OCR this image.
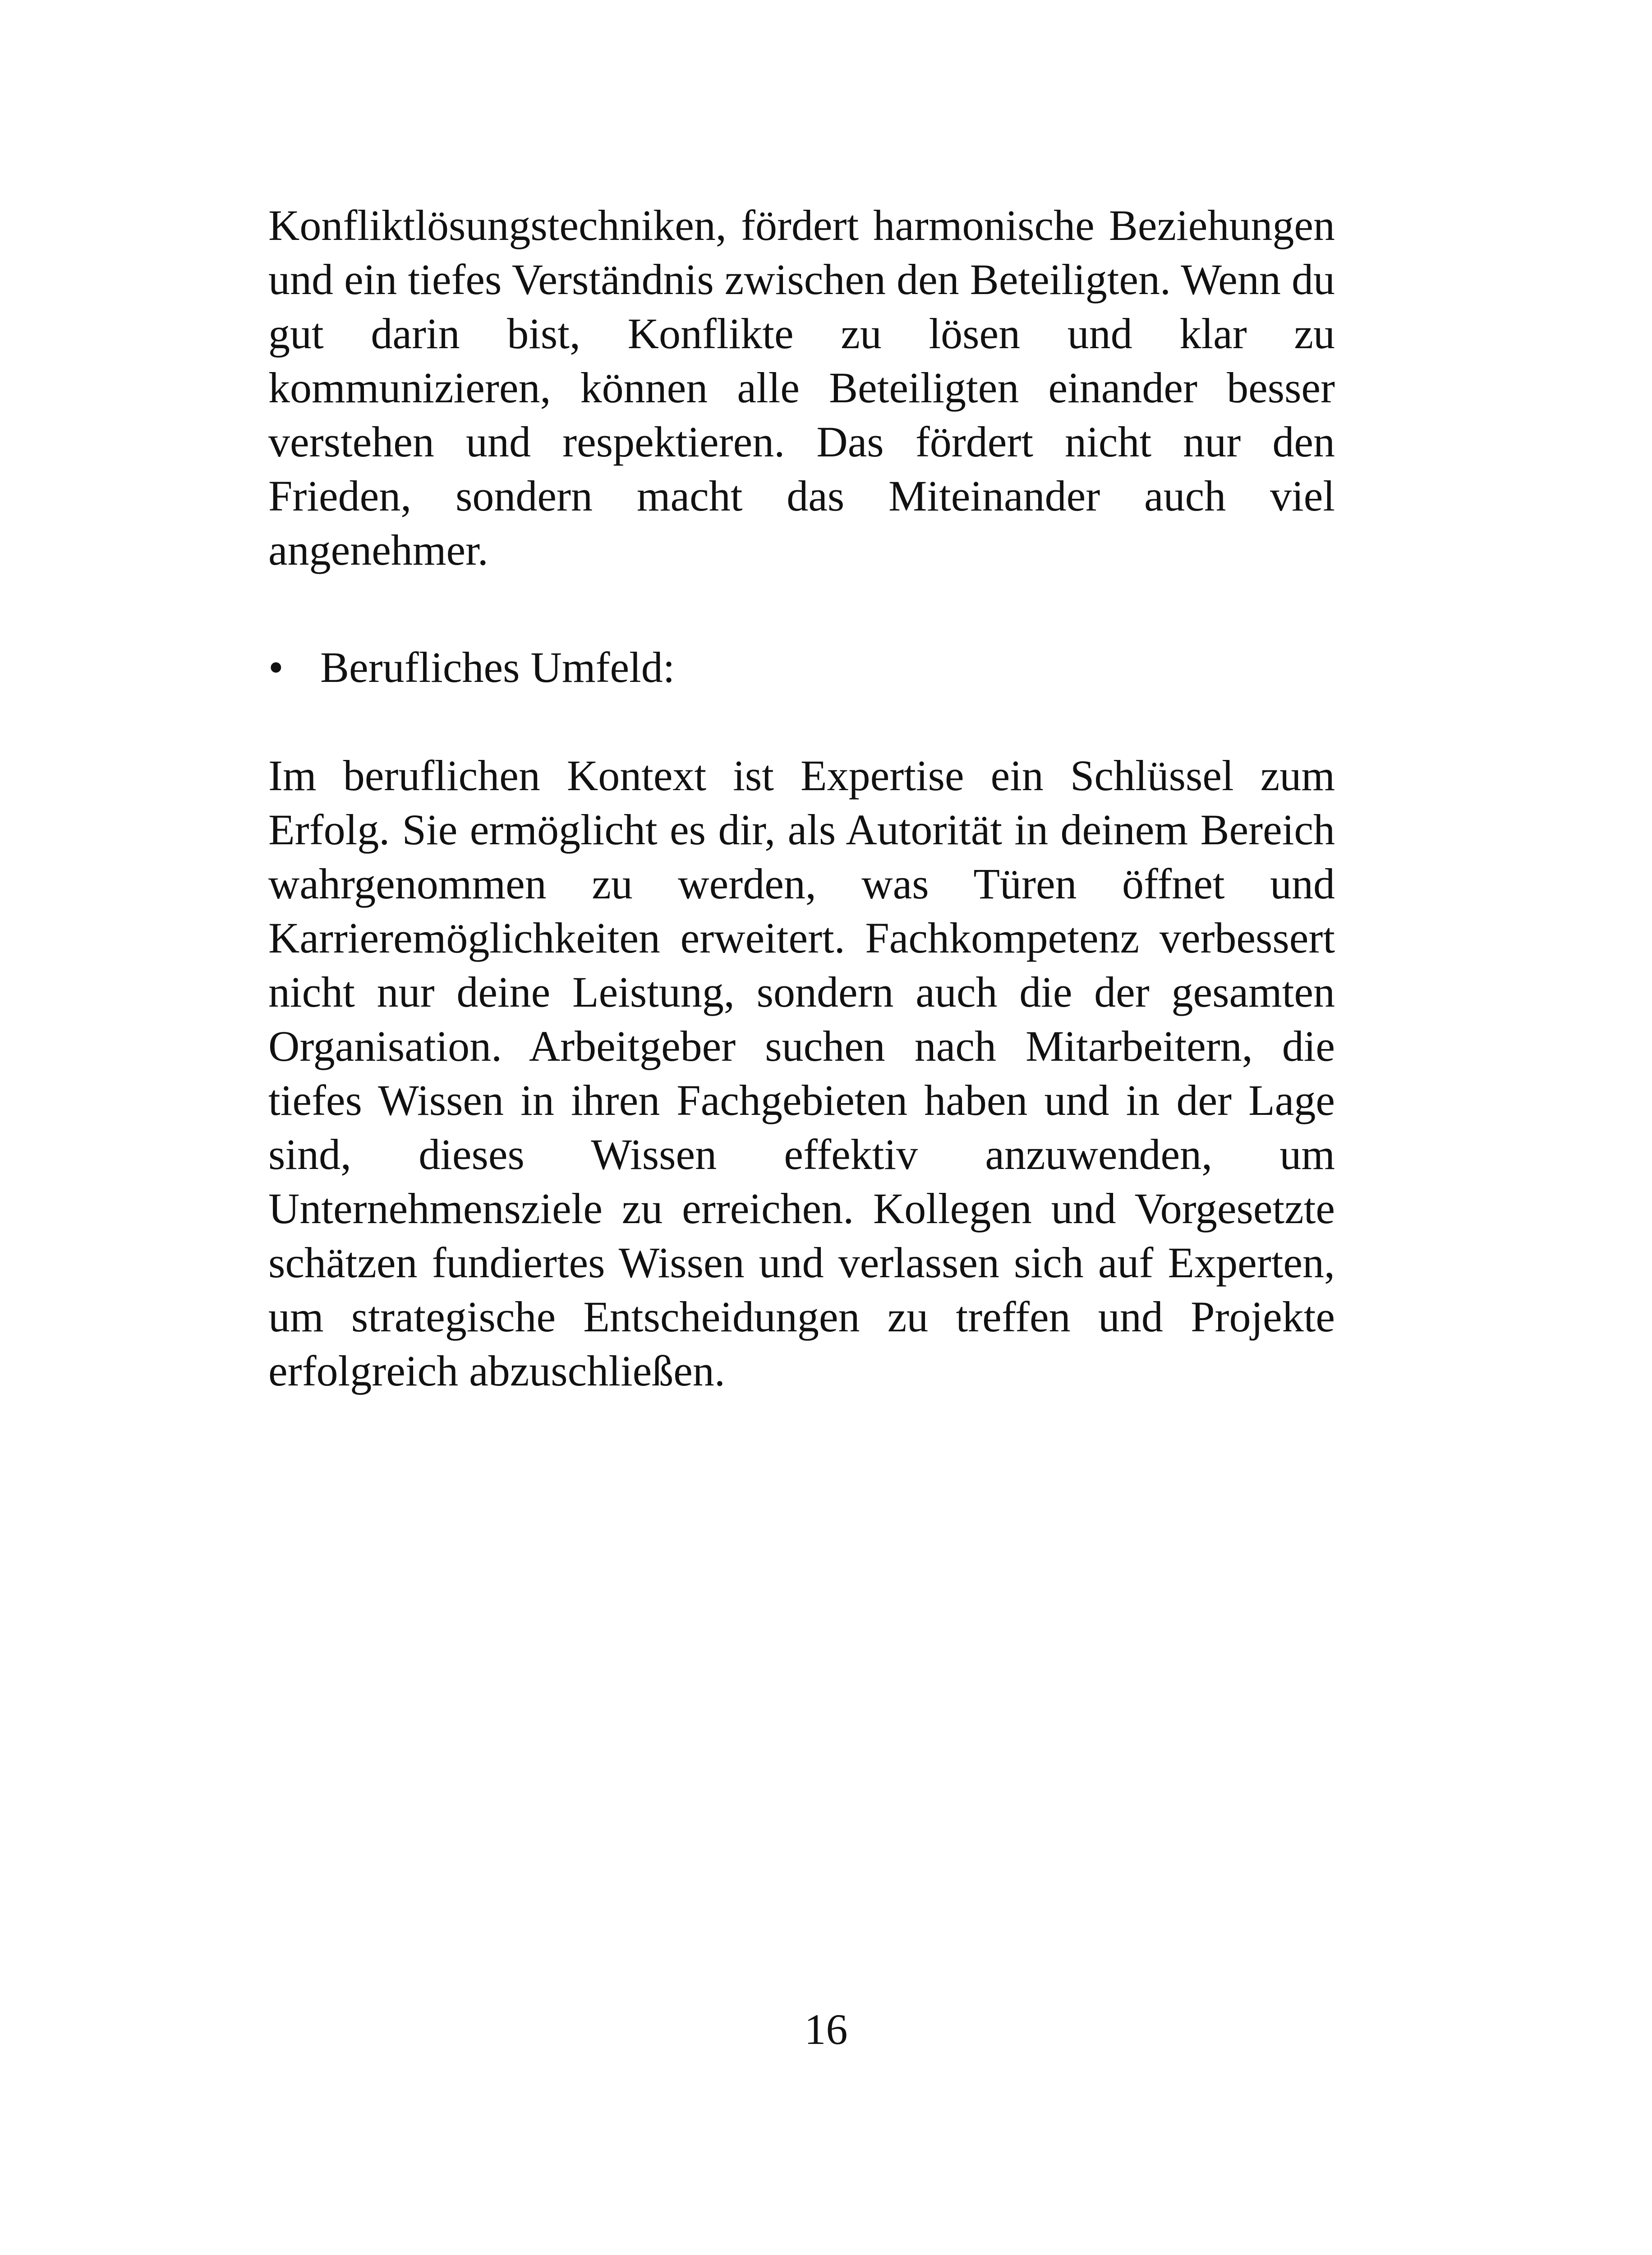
Konfliktlösungstechniken, fördert harmonische Beziehungen und ein tiefes Verständnis zwischen den Beteiligten. Wenn du gut darin bist, Konflikte zu lösen und klar zu kommunizieren, können alle Beteiligten einander besser verstehen und respektieren. Das fördert nicht nur den Frieden, sondern macht das Miteinander auch viel angenehmer.

• Berufliches Umfeld:

Im beruflichen Kontext ist Expertise ein Schlüssel zum Erfolg. Sie ermöglicht es dir, als Autorität in deinem Bereich wahrgenommen zu werden, was Türen öffnet und Karrieremöglichkeiten erweitert. Fachkompetenz verbessert nicht nur deine Leistung, sondern auch die der gesamten Organisation. Arbeitgeber suchen nach Mitarbeitern, die tiefes Wissen in ihren Fachgebieten haben und in der Lage sind, dieses Wissen effektiv anzuwenden, um Unternehmensziele zu erreichen. Kollegen und Vorgesetzte schätzen fundiertes Wissen und verlassen sich auf Experten, um strategische Entscheidungen zu treffen und Projekte erfolgreich abzuschließen.

16
